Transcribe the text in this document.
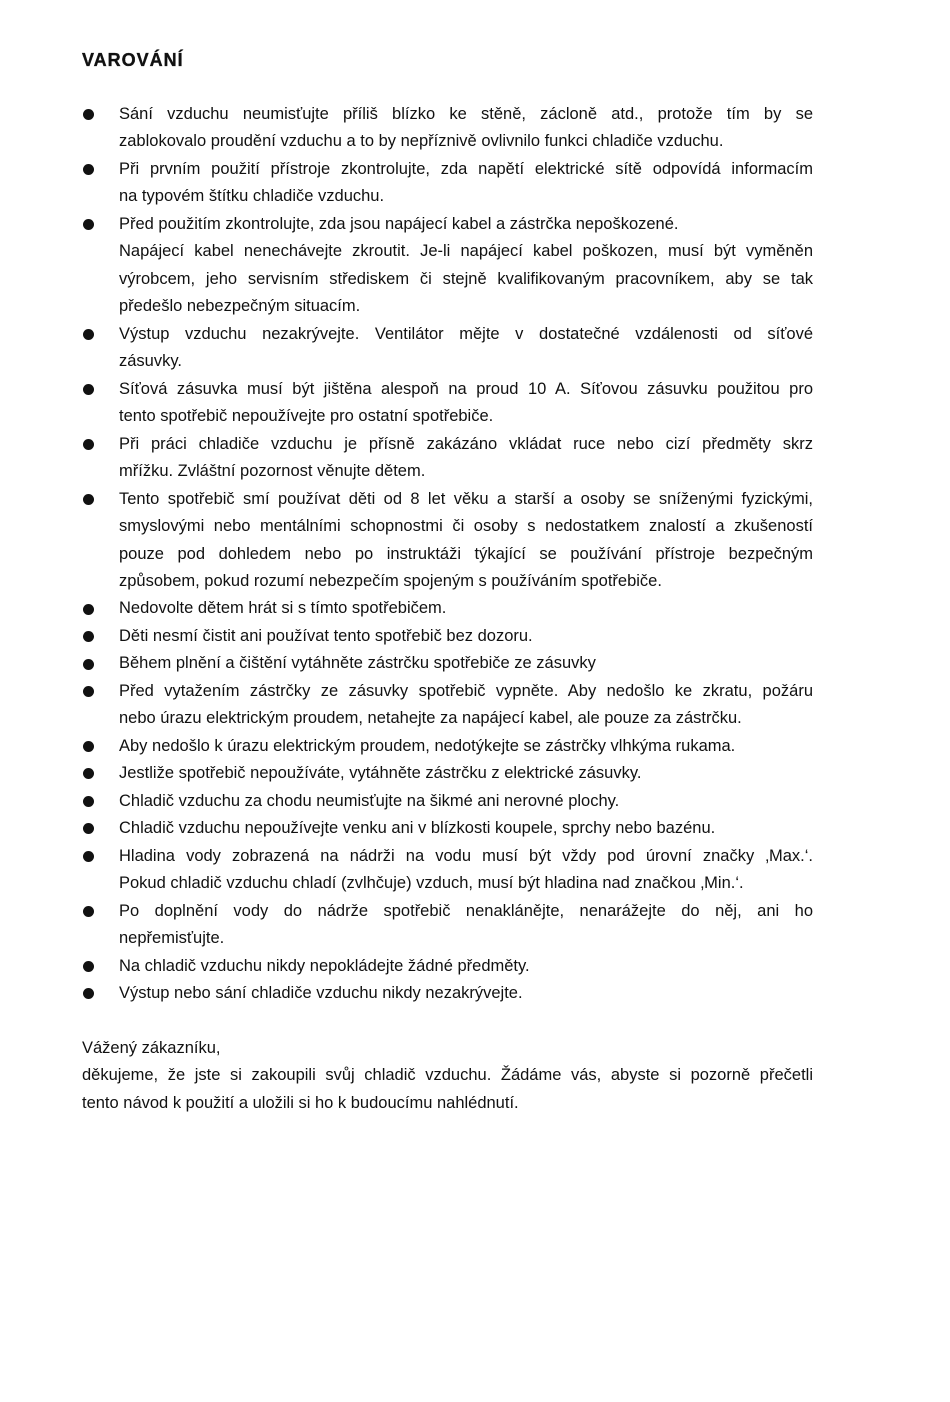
VAROVÁNÍ
Sání vzduchu neumisťujte příliš blízko ke stěně, zácloně atd., protože tím by se
zablokovalo proudění vzduchu a to by nepříznivě ovlivnilo funkci chladiče vzduchu.
Při prvním použití přístroje zkontrolujte, zda napětí elektrické sítě odpovídá informacím
na typovém štítku chladiče vzduchu.
Před použitím zkontrolujte, zda jsou napájecí kabel a zástrčka nepoškozené.
Napájecí kabel nenechávejte zkroutit. Je-li napájecí kabel poškozen, musí být vyměněn
výrobcem, jeho servisním střediskem či stejně kvalifikovaným pracovníkem, aby se tak
předešlo nebezpečným situacím.
Výstup vzduchu nezakrývejte. Ventilátor mějte v dostatečné vzdálenosti od síťové
zásuvky.
Síťová zásuvka musí být jištěna alespoň na proud 10 A. Síťovou zásuvku použitou pro
tento spotřebič nepoužívejte pro ostatní spotřebiče.
Při práci chladiče vzduchu je přísně zakázáno vkládat ruce nebo cizí předměty skrz
mřížku. Zvláštní pozornost věnujte dětem.
Tento spotřebič smí používat děti od 8 let věku a starší a osoby se sníženými fyzickými,
smyslovými nebo mentálními schopnostmi či osoby s nedostatkem znalostí a zkušeností
pouze pod dohledem nebo po instruktáži týkající se používání přístroje bezpečným
způsobem, pokud rozumí nebezpečím spojeným s používáním spotřebiče.
Nedovolte dětem hrát si s tímto spotřebičem.
Děti nesmí čistit ani používat tento spotřebič bez dozoru.
Během plnění a čištění vytáhněte zástrčku spotřebiče ze zásuvky
Před vytažením zástrčky ze zásuvky spotřebič vypněte. Aby nedošlo ke zkratu, požáru
nebo úrazu elektrickým proudem, netahejte za napájecí kabel, ale pouze za zástrčku.
Aby nedošlo k úrazu elektrickým proudem, nedotýkejte se zástrčky vlhkýma rukama.
Jestliže spotřebič nepoužíváte, vytáhněte zástrčku z elektrické zásuvky.
Chladič vzduchu za chodu neumisťujte na šikmé ani nerovné plochy.
Chladič vzduchu nepoužívejte venku ani v blízkosti koupele, sprchy nebo bazénu.
Hladina vody zobrazená na nádrži na vodu musí být vždy pod úrovní značky ‚Max.‘.
Pokud chladič vzduchu chladí (zvlhčuje) vzduch, musí být hladina nad značkou ‚Min.‘.
Po doplnění vody do nádrže spotřebič nenaklánějte, nenarážejte do něj, ani ho
nepřemisťujte.
Na chladič vzduchu nikdy nepokládejte žádné předměty.
Výstup nebo sání chladiče vzduchu nikdy nezakrývejte.
Vážený zákazníku,
děkujeme, že jste si zakoupili svůj chladič vzduchu. Žádáme vás, abyste si pozorně přečetli
tento návod k použití a uložili si ho k budoucímu nahlédnutí.
